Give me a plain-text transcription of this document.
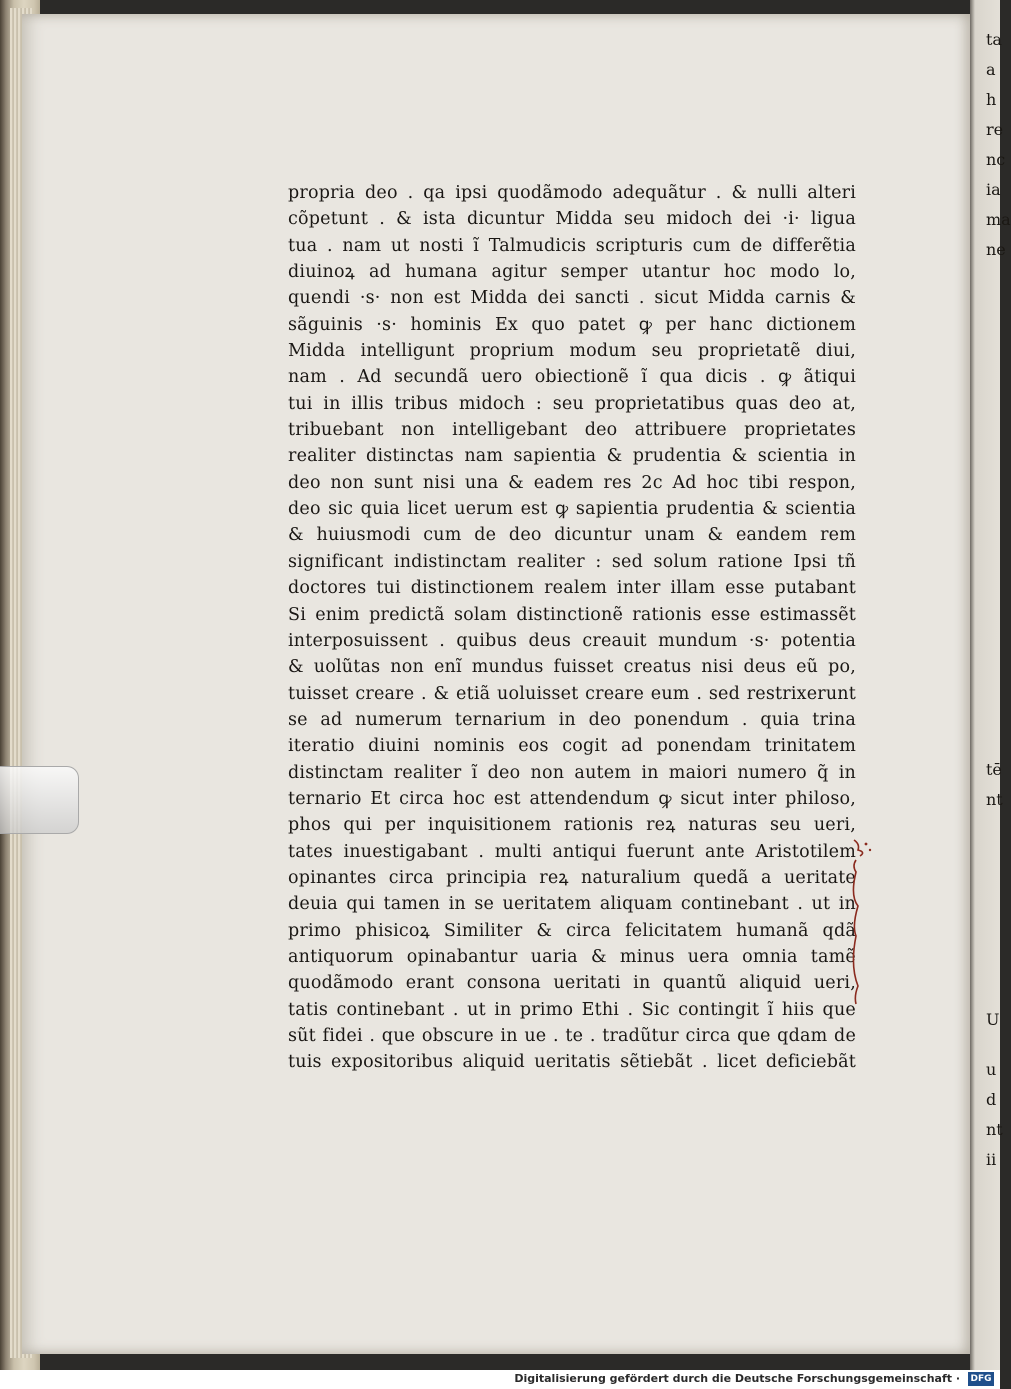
ta
a
h
re
nc
ia
ma
ne
tē
nt
U
u
d
nt
ii
propria deo . qa ipsi quodãmodo adequãtur . & nulli alteri
cõpetunt . & ista dicuntur Midda seu midoch dei ·i· ligua
tua . nam ut nosti ĩ Talmudicis scripturis cum de differẽtia
diuinoꝝ ad humana agitur semper utantur hoc modo lo,
quendi ·s· non est Midda dei sancti . sicut Midda carnis &
sãguinis ·s· hominis Ex quo patet ꝙ per hanc dictionem
Midda intelligunt proprium modum seu proprietatẽ diui,
nam . Ad secundã uero obiectionẽ ĩ qua dicis . ꝙ ãtiqui
tui in illis tribus midoch : seu proprietatibus quas deo at,
tribuebant non intelligebant deo attribuere proprietates
realiter distinctas nam sapientia & prudentia & scientia in
deo non sunt nisi una & eadem res 2c Ad hoc tibi respon,
deo sic quia licet uerum est ꝙ sapientia prudentia & scientia
& huiusmodi cum de deo dicuntur unam & eandem rem
significant indistinctam realiter : sed solum ratione Ipsi tñ
doctores tui distinctionem realem inter illam esse putabant
Si enim predictã solam distinctionẽ rationis esse estimassẽt
interposuissent . quibus deus creauit mundum ·s· potentia
& uolũtas non enĩ mundus fuisset creatus nisi deus eũ po,
tuisset creare . & etiã uoluisset creare eum . sed restrixerunt
se ad numerum ternarium in deo ponendum . quia trina
iteratio diuini nominis eos cogit ad ponendam trinitatem
distinctam realiter ĩ deo non autem in maiori numero q̃ in
ternario Et circa hoc est attendendum ꝙ sicut inter philoso,
phos qui per inquisitionem rationis reꝝ naturas seu ueri,
tates inuestigabant . multi antiqui fuerunt ante Aristotilem
opinantes circa principia reꝝ naturalium quedã a ueritate
deuia qui tamen in se ueritatem aliquam continebant . ut in
primo phisicoꝝ Similiter & circa felicitatem humanã qdã
antiquorum opinabantur uaria & minus uera omnia tamẽ
quodãmodo erant consona ueritati in quantũ aliquid ueri,
tatis continebant . ut in primo Ethi . Sic contingit ĩ hiis que
sũt fidei . que obscure in ue . te . tradũtur circa que qdam de
tuis expositoribus aliquid ueritatis sẽtiebãt . licet deficiebãt
Digitalisierung gefördert durch die Deutsche Forschungsgemeinschaft · DFG
